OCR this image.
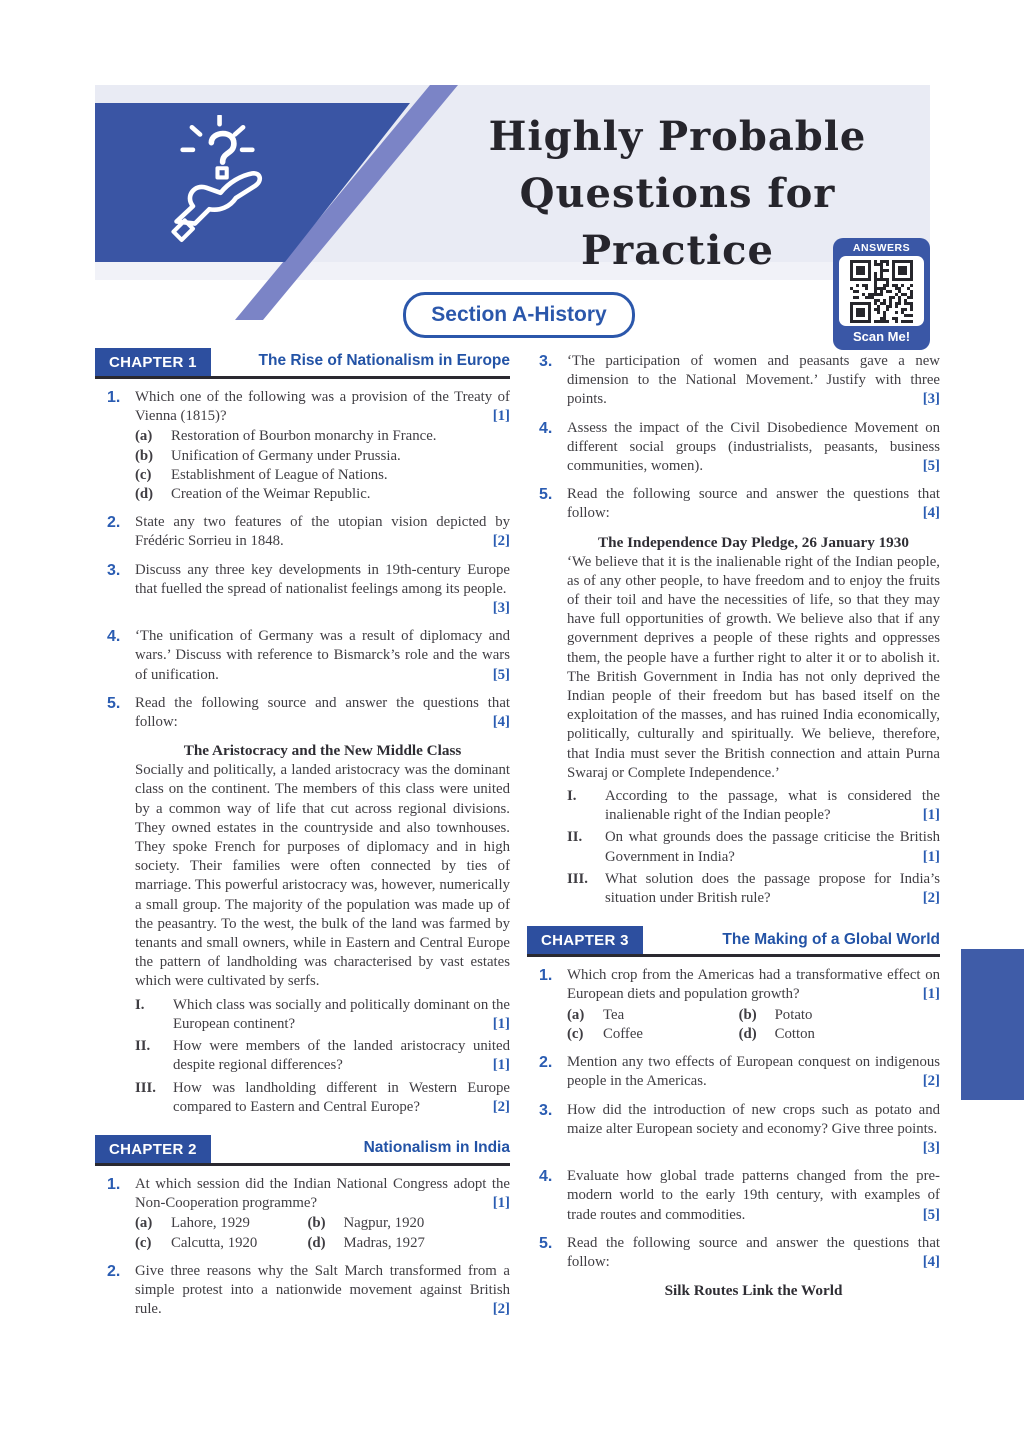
Highly Probable
Questions for Practice	ANSWERS
Scan Me!
Section A-History
CHAPTER 1	The Rise of Nationalism in Europe
1. Which one of the following was a provision of the Treaty of Vienna (1815)?	[1]
(a)	Restoration of Bourbon monarchy in France.
(b)	Unification of Germany under Prussia.
(c)	Establishment of League of Nations.
(d)	Creation of the Weimar Republic.
2. State any two features of the utopian vision depicted by Frédéric Sorrieu in 1848.	[2]
3. Discuss any three key developments in 19th-century Europe that fuelled the spread of nationalist feelings among its people.
[3]
4. ‘The unification of Germany was a result of diplomacy and wars.’ Discuss with reference to Bismarck’s role and the wars of unification.	[5]
5. Read the following source and answer the questions that follow:	[4]
The Aristocracy and the New Middle Class
Socially and politically, a landed aristocracy was the dominant class on the continent. The members of this class were united by a common way of life that cut across regional divisions. They owned estates in the countryside and also townhouses. They spoke French for purposes of diplomacy and in high society. Their families were often connected by ties of marriage. This powerful aristocracy was, however, numerically a small group. The majority of the population was made up of the peasantry. To the west, the bulk of the land was farmed by tenants and small owners, while in Eastern and Central Europe the pattern of landholding was characterised by vast estates which were cultivated by serfs.
I.	Which class was socially and politically dominant on the European continent?	[1]
II.	How were members of the landed aristocracy united despite regional differences?	[1]
III.	How was landholding different in Western Europe compared to Eastern and Central Europe?	[2]
CHAPTER 2	Nationalism in India
1. At which session did the Indian National Congress adopt the Non-Cooperation programme?	[1]
(a)	Lahore, 1929	(b)	Nagpur, 1920
(c)	Calcutta, 1920	(d)	Madras, 1927
2. Give three reasons why the Salt March transformed from a simple protest into a nationwide movement against British rule.	[2]
3. ‘The participation of women and peasants gave a new dimension to the National Movement.’ Justify with three points.	[3]
4. Assess the impact of the Civil Disobedience Movement on different social groups (industrialists, peasants, business communities, women).	[5]
5. Read the following source and answer the questions that follow:	[4]
The Independence Day Pledge, 26 January 1930
‘We believe that it is the inalienable right of the Indian people, as of any other people, to have freedom and to enjoy the fruits of their toil and have the necessities of life, so that they may have full opportunities of growth. We believe also that if any government deprives a people of these rights and oppresses them, the people have a further right to alter it or to abolish it. The British Government in India has not only deprived the Indian people of their freedom but has based itself on the exploitation of the masses, and has ruined India economically, politically, culturally and spiritually. We believe, therefore, that India must sever the British connection and attain Purna Swaraj or Complete Independence.’
I.	According to the passage, what is considered the inalienable right of the Indian people?	[1]
II.	On what grounds does the passage criticise the British Government in India?	[1]
III.	What solution does the passage propose for India’s situation under British rule?	[2]
CHAPTER 3	The Making of a Global World
1. Which crop from the Americas had a transformative effect on European diets and population growth?	[1]
(a)	Tea	(b)	Potato
(c)	Coffee	(d)	Cotton
2. Mention any two effects of European conquest on indigenous people in the Americas.	[2]
3. How did the introduction of new crops such as potato and maize alter European society and economy? Give three points.
[3]
4. Evaluate how global trade patterns changed from the pre-modern world to the early 19th century, with examples of trade routes and commodities.	[5]
5. Read the following source and answer the questions that follow:	[4]
Silk Routes Link the World
